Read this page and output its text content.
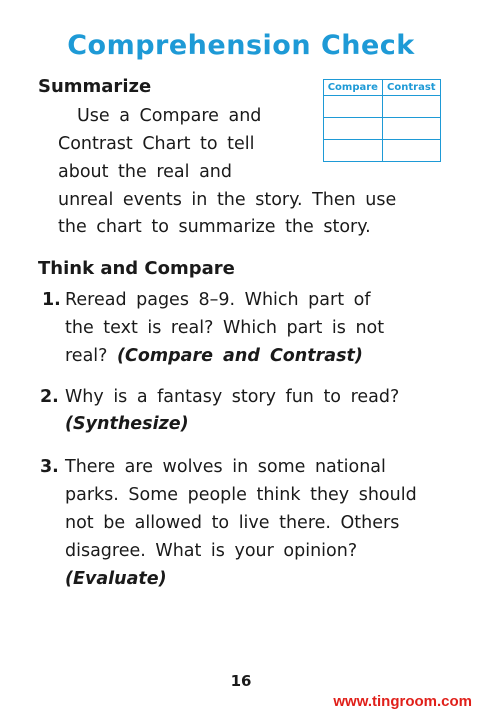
Comprehension Check
Summarize
Use a Compare and
Contrast Chart to tell
about the real and
unreal events in the story. Then use
the chart to summarize the story.
Compare	Contrast

Think and Compare
1. Reread pages 8–9. Which part of
the text is real? Which part is not
real? (Compare and Contrast)
2. Why is a fantasy story fun to read?
(Synthesize)
3. There are wolves in some national
parks. Some people think they should
not be allowed to live there. Others
disagree. What is your opinion?
(Evaluate)
16
www.tingroom.com
